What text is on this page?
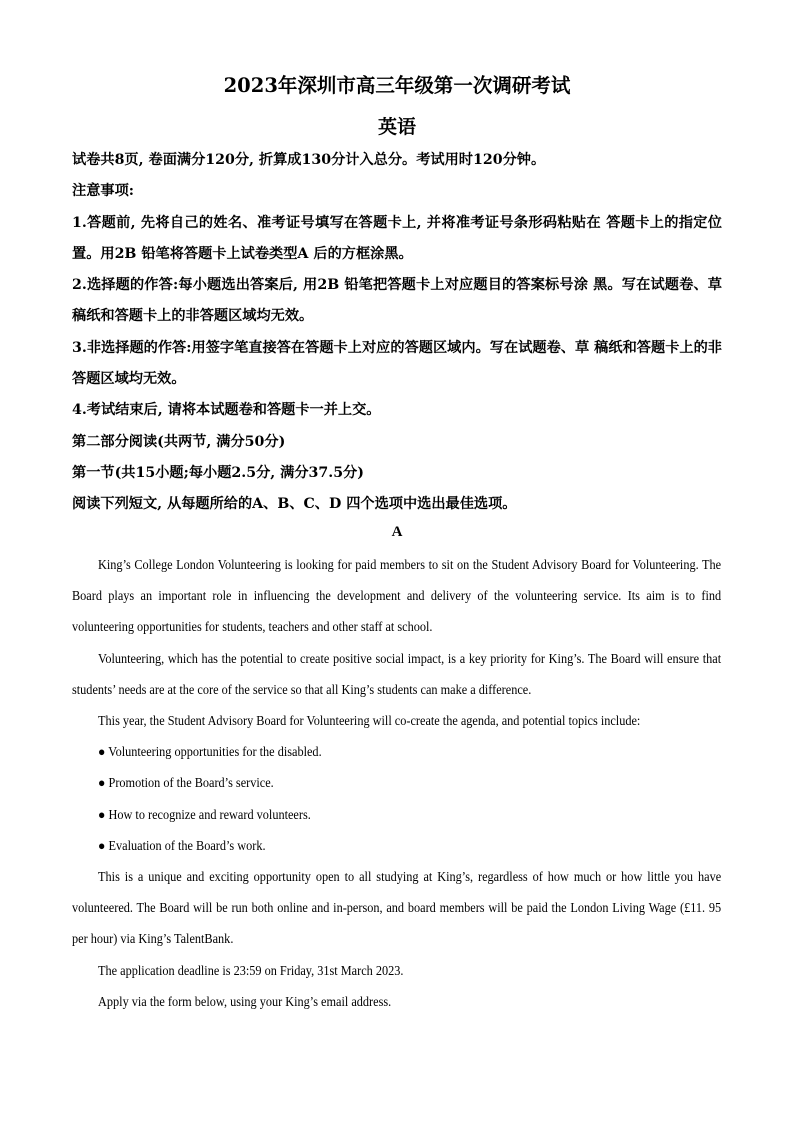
2023年深圳市高三年级第一次调研考试
英语

试卷共8页, 卷面满分120分, 折算成130分计入总分。考试用时120分钟。

注意事项:

1.答题前, 先将自己的姓名、准考证号填写在答题卡上, 并将准考证号条形码粘贴在 答题卡上的指定位置。用2B 铅笔将答题卡上试卷类型A 后的方框涂黑。

2.选择题的作答:每小题选出答案后, 用2B 铅笔把答题卡上对应题目的答案标号涂 黑。写在试题卷、草稿纸和答题卡上的非答题区域均无效。

3.非选择题的作答:用签字笔直接答在答题卡上对应的答题区域内。写在试题卷、草 稿纸和答题卡上的非答题区域均无效。

4.考试结束后, 请将本试题卷和答题卡一并上交。

第二部分阅读(共两节, 满分50分)

第一节(共15小题;每小题2.5分, 满分37.5分)

阅读下列短文, 从每题所给的A、B、C、D 四个选项中选出最佳选项。

A

King’s College London Volunteering is looking for paid members to sit on the Student Advisory Board for Volunteering. The Board plays an important role in influencing the development and delivery of the volunteering service. Its aim is to find volunteering opportunities for students, teachers and other staff at school.

Volunteering, which has the potential to create positive social impact, is a key priority for King’s. The Board will ensure that students’ needs are at the core of the service so that all King’s students can make a difference.

This year, the Student Advisory Board for Volunteering will co-create the agenda, and potential topics include:

● Volunteering opportunities for the disabled.

● Promotion of the Board’s service.

● How to recognize and reward volunteers.

● Evaluation of the Board’s work.

This is a unique and exciting opportunity open to all studying at King’s, regardless of how much or how little you have volunteered. The Board will be run both online and in-person, and board members will be paid the London Living Wage (£11. 95 per hour) via King’s TalentBank.

The application deadline is 23:59 on Friday, 31st March 2023.

Apply via the form below, using your King’s email address.
